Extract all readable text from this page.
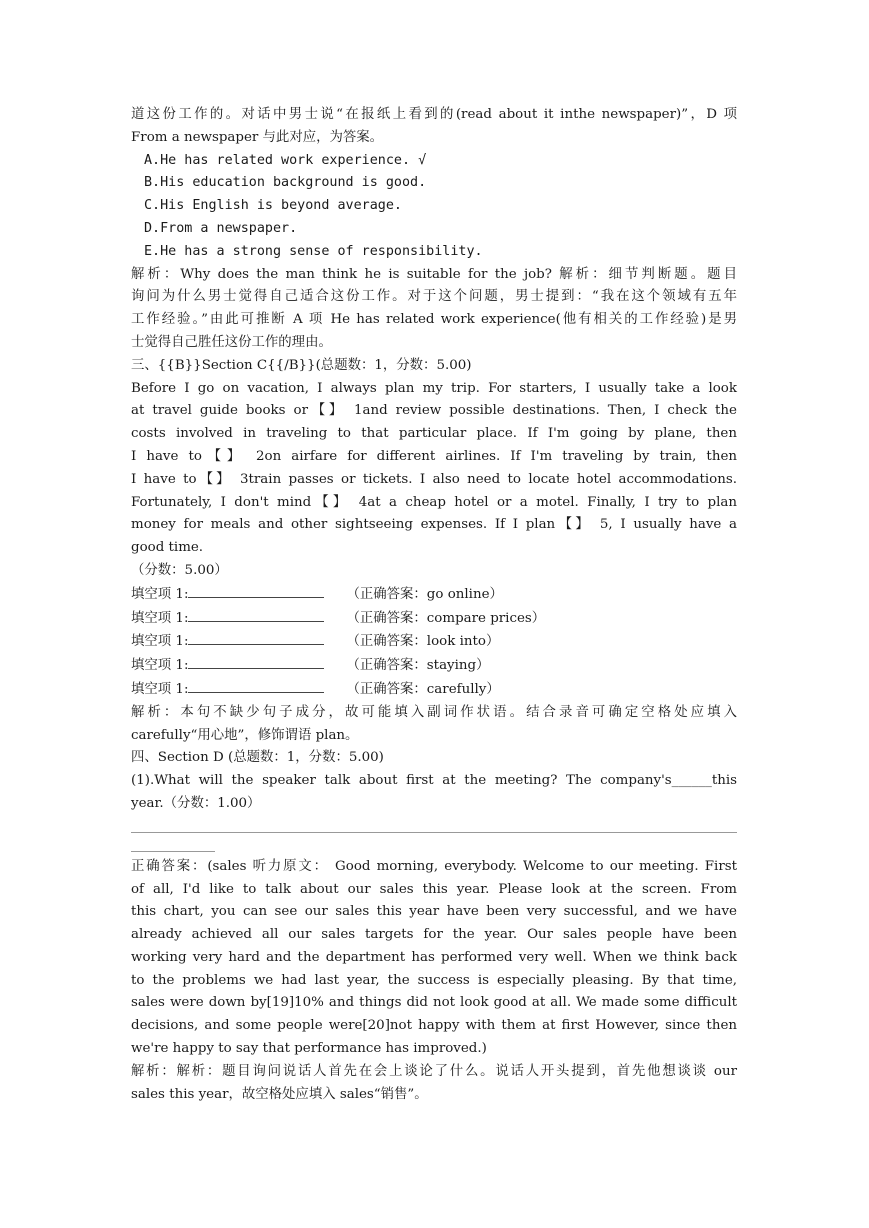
道这份工作的。对话中男士说“在报纸上看到的(read about it inthe newspaper)”，D 项
From a newspaper 与此对应，为答案。
A.He has related work experience. √
B.His education background is good.
C.His English is beyond average.
D.From a newspaper.
E.He has a strong sense of responsibility.
解析：Why does the man think he is suitable for the job? 解析：细节判断题。题目
询问为什么男士觉得自己适合这份工作。对于这个问题，男士提到：“我在这个领域有五年
工作经验。”由此可推断 A 项 He has related work experience(他有相关的工作经验)是男
士觉得自己胜任这份工作的理由。
三、{{B}}Section C{{/B}}(总题数：1，分数：5.00)
Before I go on vacation, I always plan my trip. For starters, I usually take a look
at travel guide books or【】 1and review possible destinations. Then, I check the
costs involved in traveling to that particular place. If I'm going by plane, then
I have to【】 2on airfare for different airlines. If I'm traveling by train, then
I have to【】 3train passes or tickets. I also need to locate hotel accommodations.
Fortunately, I don't mind【】 4at a cheap hotel or a motel. Finally, I try to plan
money for meals and other sightseeing expenses. If I plan【】 5, I usually have a
good time.
（分数：5.00）
填空项 1:	（正确答案：go online）
填空项 1:	（正确答案：compare prices）
填空项 1:	（正确答案：look into）
填空项 1:	（正确答案：staying）
填空项 1:	（正确答案：carefully）
解析：本句不缺少句子成分，故可能填入副词作状语。结合录音可确定空格处应填入
carefully“用心地”，修饰谓语 plan。
四、Section D (总题数：1，分数：5.00)
(1).What will the speaker talk about first at the meeting? The company's______this
year.（分数：1.00）
正确答案：(sales 听力原文： Good morning, everybody. Welcome to our meeting. First
of all, I'd like to talk about our sales this year. Please look at the screen. From
this chart, you can see our sales this year have been very successful, and we have
already achieved all our sales targets for the year. Our sales people have been
working very hard and the department has performed very well. When we think back
to the problems we had last year, the success is especially pleasing. By that time,
sales were down by[19]10% and things did not look good at all. We made some difficult
decisions, and some people were[20]not happy with them at first However, since then
we're happy to say that performance has improved.)
解析：解析：题目询问说话人首先在会上谈论了什么。说话人开头提到，首先他想谈谈 our
sales this year，故空格处应填入 sales“销售”。
